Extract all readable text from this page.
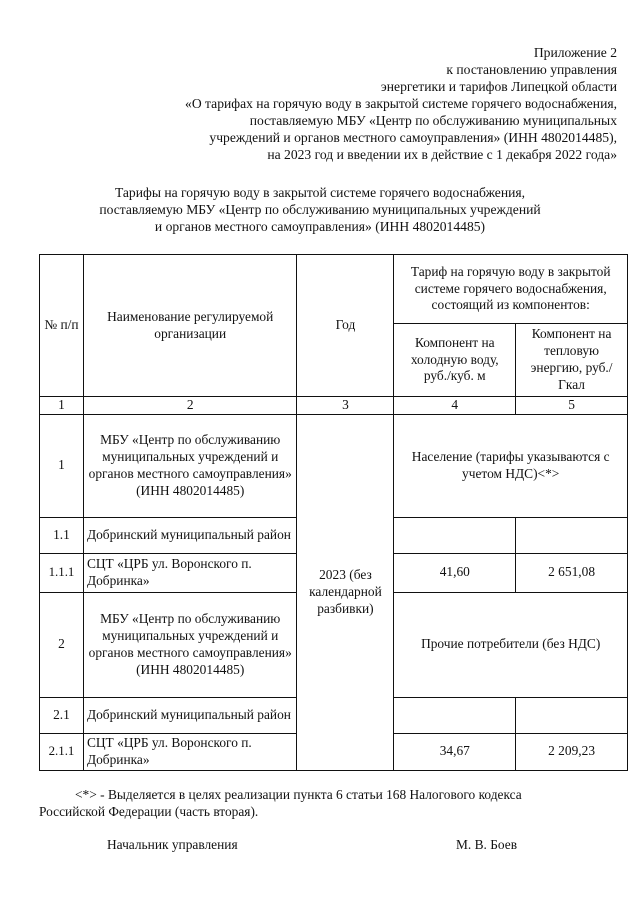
Приложение 2
к постановлению управления
энергетики и тарифов Липецкой области
«О тарифах на горячую воду в закрытой системе горячего водоснабжения,
поставляемую МБУ «Центр по обслуживанию муниципальных
учреждений и органов местного самоуправления» (ИНН 4802014485),
на 2023 год и введении их в действие с 1 декабря 2022 года»
Тарифы на горячую воду в закрытой системе горячего водоснабжения,
поставляемую МБУ «Центр по обслуживанию муниципальных учреждений
и органов местного самоуправления» (ИНН 4802014485)
№ п/п	Наименование регулируемой организации	Год	Тариф на горячую воду в закрытой системе горячего водоснабжения, состоящий из компонентов:	
			Компонент на холодную воду, руб./куб. м	Компонент на тепловую энергию, руб./Гкал
1	2	3	4	5
1	МБУ «Центр по обслуживанию муниципальных учреждений и органов местного самоуправления» (ИНН 4802014485)	2023 (без календарной разбивки)	Население (тарифы указываются с учетом НДС)<*>	
1.1	Добринский муниципальный район			
1.1.1	СЦТ «ЦРБ ул. Воронского п. Добринка»		41,60	2 651,08
2	МБУ «Центр по обслуживанию муниципальных учреждений и органов местного самоуправления» (ИНН 4802014485)		Прочие потребители (без НДС)	
2.1	Добринский муниципальный район			
2.1.1	СЦТ «ЦРБ ул. Воронского п. Добринка»		34,67	2 209,23
<*> - Выделяется в целях реализации пункта 6 статьи 168 Налогового кодекса
Российской Федерации (часть вторая).
Начальник управления	М. В. Боев
